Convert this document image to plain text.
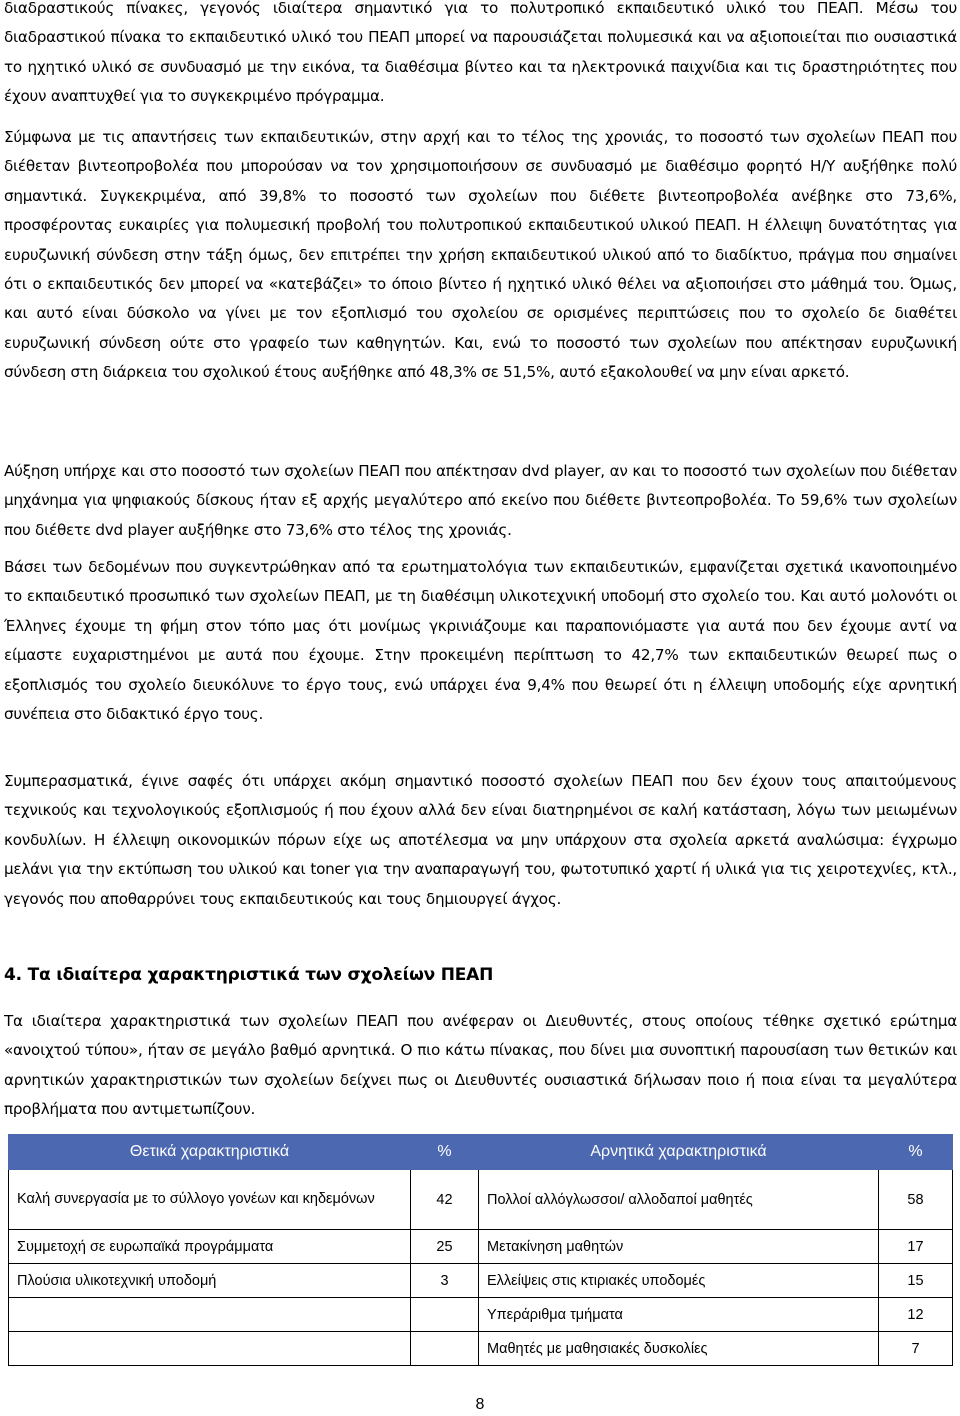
διαδραστικούς πίνακες, γεγονός ιδιαίτερα σημαντικό για το πολυτροπικό εκπαιδευτικό υλικό του ΠΕΑΠ. Μέσω του διαδραστικού πίνακα το εκπαιδευτικό υλικό του ΠΕΑΠ μπορεί να παρουσιάζεται πολυμεσικά και να αξιοποιείται πιο ουσιαστικά το ηχητικό υλικό σε συνδυασμό με την εικόνα, τα διαθέσιμα βίντεο και τα ηλεκτρονικά παιχνίδια και τις δραστηριότητες που έχουν αναπτυχθεί για το συγκεκριμένο πρόγραμμα.

Σύμφωνα με τις απαντήσεις των εκπαιδευτικών, στην αρχή και το τέλος της χρονιάς, το ποσοστό των σχολείων ΠΕΑΠ που διέθεταν βιντεοπροβολέα που μπορούσαν να τον χρησιμοποιήσουν σε συνδυασμό με διαθέσιμο φορητό Η/Υ αυξήθηκε πολύ σημαντικά. Συγκεκριμένα, από 39,8% το ποσοστό των σχολείων που διέθετε βιντεοπροβολέα ανέβηκε στο 73,6%, προσφέροντας ευκαιρίες για πολυμεσική προβολή του πολυτροπικού εκπαιδευτικού υλικού ΠΕΑΠ. Η έλλειψη δυνατότητας για ευρυζωνική σύνδεση στην τάξη όμως, δεν επιτρέπει την χρήση εκπαιδευτικού υλικού από το διαδίκτυο, πράγμα που σημαίνει ότι ο εκπαιδευτικός δεν μπορεί να «κατεβάζει» το όποιο βίντεο ή ηχητικό υλικό θέλει να αξιοποιήσει στο μάθημά του. Όμως, και αυτό είναι δύσκολο να γίνει με τον εξοπλισμό του σχολείου σε ορισμένες περιπτώσεις που το σχολείο δε διαθέτει ευρυζωνική σύνδεση ούτε στο γραφείο των καθηγητών. Και, ενώ το ποσοστό των σχολείων που απέκτησαν ευρυζωνική σύνδεση στη διάρκεια του σχολικού έτους αυξήθηκε από 48,3% σε 51,5%, αυτό εξακολουθεί να μην είναι αρκετό.

Αύξηση υπήρχε και στο ποσοστό των σχολείων ΠΕΑΠ που απέκτησαν dvd player, αν και το ποσοστό των σχολείων που διέθεταν μηχάνημα για ψηφιακούς δίσκους ήταν εξ αρχής μεγαλύτερο από εκείνο που διέθετε βιντεοπροβολέα. Το 59,6% των σχολείων που διέθετε dvd player αυξήθηκε στο 73,6% στο τέλος της χρονιάς.

Βάσει των δεδομένων που συγκεντρώθηκαν από τα ερωτηματολόγια των εκπαιδευτικών, εμφανίζεται σχετικά ικανοποιημένο το εκπαιδευτικό προσωπικό των σχολείων ΠΕΑΠ, με τη διαθέσιμη υλικοτεχνική υποδομή στο σχολείο του. Και αυτό μολονότι οι Έλληνες έχουμε τη φήμη στον τόπο μας ότι μονίμως γκρινιάζουμε και παραπονιόμαστε για αυτά που δεν έχουμε αντί να είμαστε ευχαριστημένοι με αυτά που έχουμε. Στην προκειμένη περίπτωση το 42,7% των εκπαιδευτικών θεωρεί πως ο εξοπλισμός του σχολείο διευκόλυνε το έργο τους, ενώ υπάρχει ένα 9,4% που θεωρεί ότι η έλλειψη υποδομής είχε αρνητική συνέπεια στο διδακτικό έργο τους.

Συμπερασματικά, έγινε σαφές ότι υπάρχει ακόμη σημαντικό ποσοστό σχολείων ΠΕΑΠ που δεν έχουν τους απαιτούμενους τεχνικούς και τεχνολογικούς εξοπλισμούς ή που έχουν αλλά δεν είναι διατηρημένοι σε καλή κατάσταση, λόγω των μειωμένων κονδυλίων. Η έλλειψη οικονομικών πόρων είχε ως αποτέλεσμα να μην υπάρχουν στα σχολεία αρκετά αναλώσιμα: έγχρωμο μελάνι για την εκτύπωση του υλικού και toner για την αναπαραγωγή του, φωτοτυπικό χαρτί ή υλικά για τις χειροτεχνίες, κτλ., γεγονός που αποθαρρύνει τους εκπαιδευτικούς και τους δημιουργεί άγχος.

4. Τα ιδιαίτερα χαρακτηριστικά των σχολείων ΠΕΑΠ

Τα ιδιαίτερα χαρακτηριστικά των σχολείων ΠΕΑΠ που ανέφεραν οι Διευθυντές, στους οποίους τέθηκε σχετικό ερώτημα «ανοιχτού τύπου», ήταν σε μεγάλο βαθμό αρνητικά. Ο πιο κάτω πίνακας, που δίνει μια συνοπτική παρουσίαση των θετικών και αρνητικών χαρακτηριστικών των σχολείων δείχνει πως οι Διευθυντές ουσιαστικά δήλωσαν ποιο ή ποια είναι τα μεγαλύτερα προβλήματα που αντιμετωπίζουν.

Θετικά χαρακτηριστικά	%	Αρνητικά χαρακτηριστικά	%
Καλή συνεργασία με το σύλλογο γονέων και κηδεμόνων	42	Πολλοί αλλόγλωσσοι/ αλλοδαποί μαθητές	58
Συμμετοχή σε ευρωπαϊκά προγράμματα	25	Μετακίνηση μαθητών	17
Πλούσια υλικοτεχνική υποδομή	3	Ελλείψεις στις κτιριακές υποδομές	15
		Υπεράριθμα τμήματα	12
		Μαθητές με μαθησιακές δυσκολίες	7
8
